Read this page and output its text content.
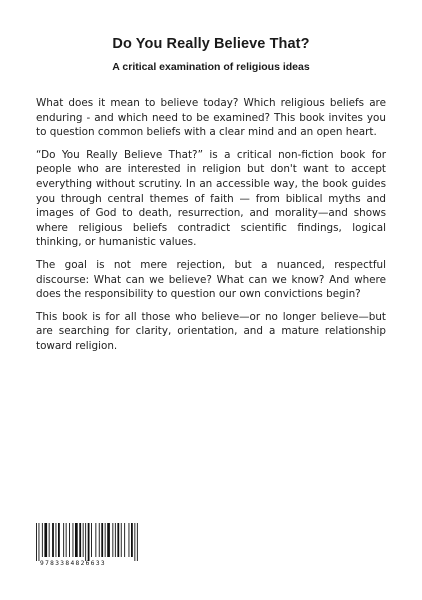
Do You Really Believe That?
A critical examination of religious ideas

What does it mean to believe today? Which religious beliefs are enduring - and which need to be examined? This book invites you to question common beliefs with a clear mind and an open heart.

“Do You Really Believe That?” is a critical non-fiction book for people who are interested in religion but don't want to accept everything without scrutiny. In an accessible way, the book guides you through central themes of faith — from biblical myths and images of God to death, resurrection, and morality—and shows where religious beliefs contradict scientific findings, logical thinking, or humanistic values.

The goal is not mere rejection, but a nuanced, respectful discourse: What can we believe? What can we know? And where does the responsibility to question our own convictions begin?

This book is for all those who believe—or no longer believe—but are searching for clarity, orientation, and a mature relationship toward religion.

9783384826633
